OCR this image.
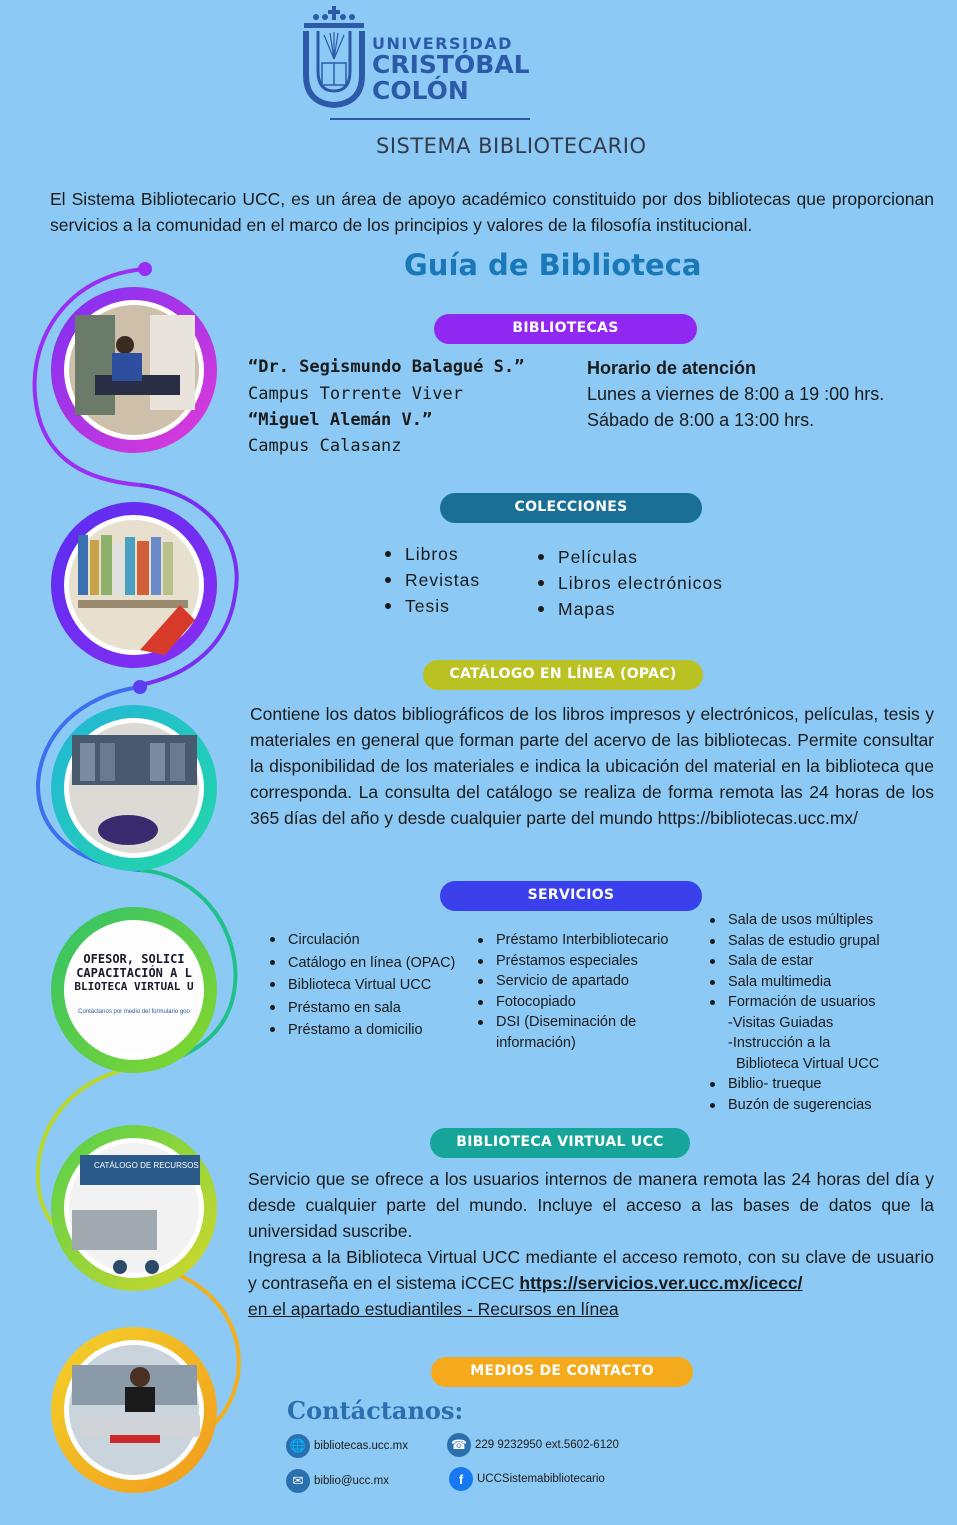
OFESOR, SOLICI
CAPACITACIÓN A L
BLIOTECA VIRTUAL U
Contáctanos por medio del formulario goo
CATÁLOGO DE RECURSOS
UNIVERSIDAD
CRISTÓBAL
COLÓN
SISTEMA BIBLIOTECARIO
El Sistema Bibliotecario UCC, es un área de apoyo académico constituido por dos bibliotecas que proporcionan servicios a la comunidad en el marco de los principios y valores de la filosofía institucional.
Guía de Biblioteca
BIBLIOTECAS
“Dr. Segismundo Balagué S.”
Campus Torrente Viver
“Miguel Alemán V.”
Campus Calasanz
Horario de atención
Lunes a viernes de 8:00 a 19 :00 hrs.
Sábado de 8:00 a 13:00 hrs.
COLECCIONES
Libros
Revistas
Tesis
Películas
Libros electrónicos
Mapas
CATÁLOGO EN LÍNEA (OPAC)
Contiene los datos bibliográficos de los libros impresos y electrónicos, películas, tesis y materiales en general que forman parte del acervo de las bibliotecas. Permite consultar la disponibilidad de los materiales e indica la ubicación del material en la biblioteca que corresponda. La consulta del catálogo se realiza de forma remota las 24 horas de los 365 días del año y desde cualquier parte del mundo https://bibliotecas.ucc.mx/
SERVICIOS
Circulación
Catálogo en línea (OPAC)
Biblioteca Virtual UCC
Préstamo en sala
Préstamo a domicilio
Préstamo Interbibliotecario
Préstamos especiales
Servicio de apartado
Fotocopiado
DSI (Diseminación de información)
Sala de usos múltiples
Salas de estudio grupal
Sala de estar
Sala multimedia
Formación de usuarios
-Visitas Guiadas
-Instrucción a la
Biblioteca Virtual UCC
Biblio- trueque
Buzón de sugerencias
BIBLIOTECA VIRTUAL UCC
Servicio que se ofrece a los usuarios internos de manera remota las 24 horas del día y desde cualquier parte del mundo. Incluye el acceso a las bases de datos que la universidad suscribe.
Ingresa a la Biblioteca Virtual UCC mediante el acceso remoto, con su clave de usuario y contraseña en el sistema iCCEC https://servicios.ver.ucc.mx/icecc/
en el apartado estudiantiles - Recursos en línea
MEDIOS DE CONTACTO
Contáctanos:
🌐 bibliotecas.ucc.mx	☎ 229 9232950 ext.5602-6120
✉ biblio@ucc.mx	f	UCCSistemabibliotecario
